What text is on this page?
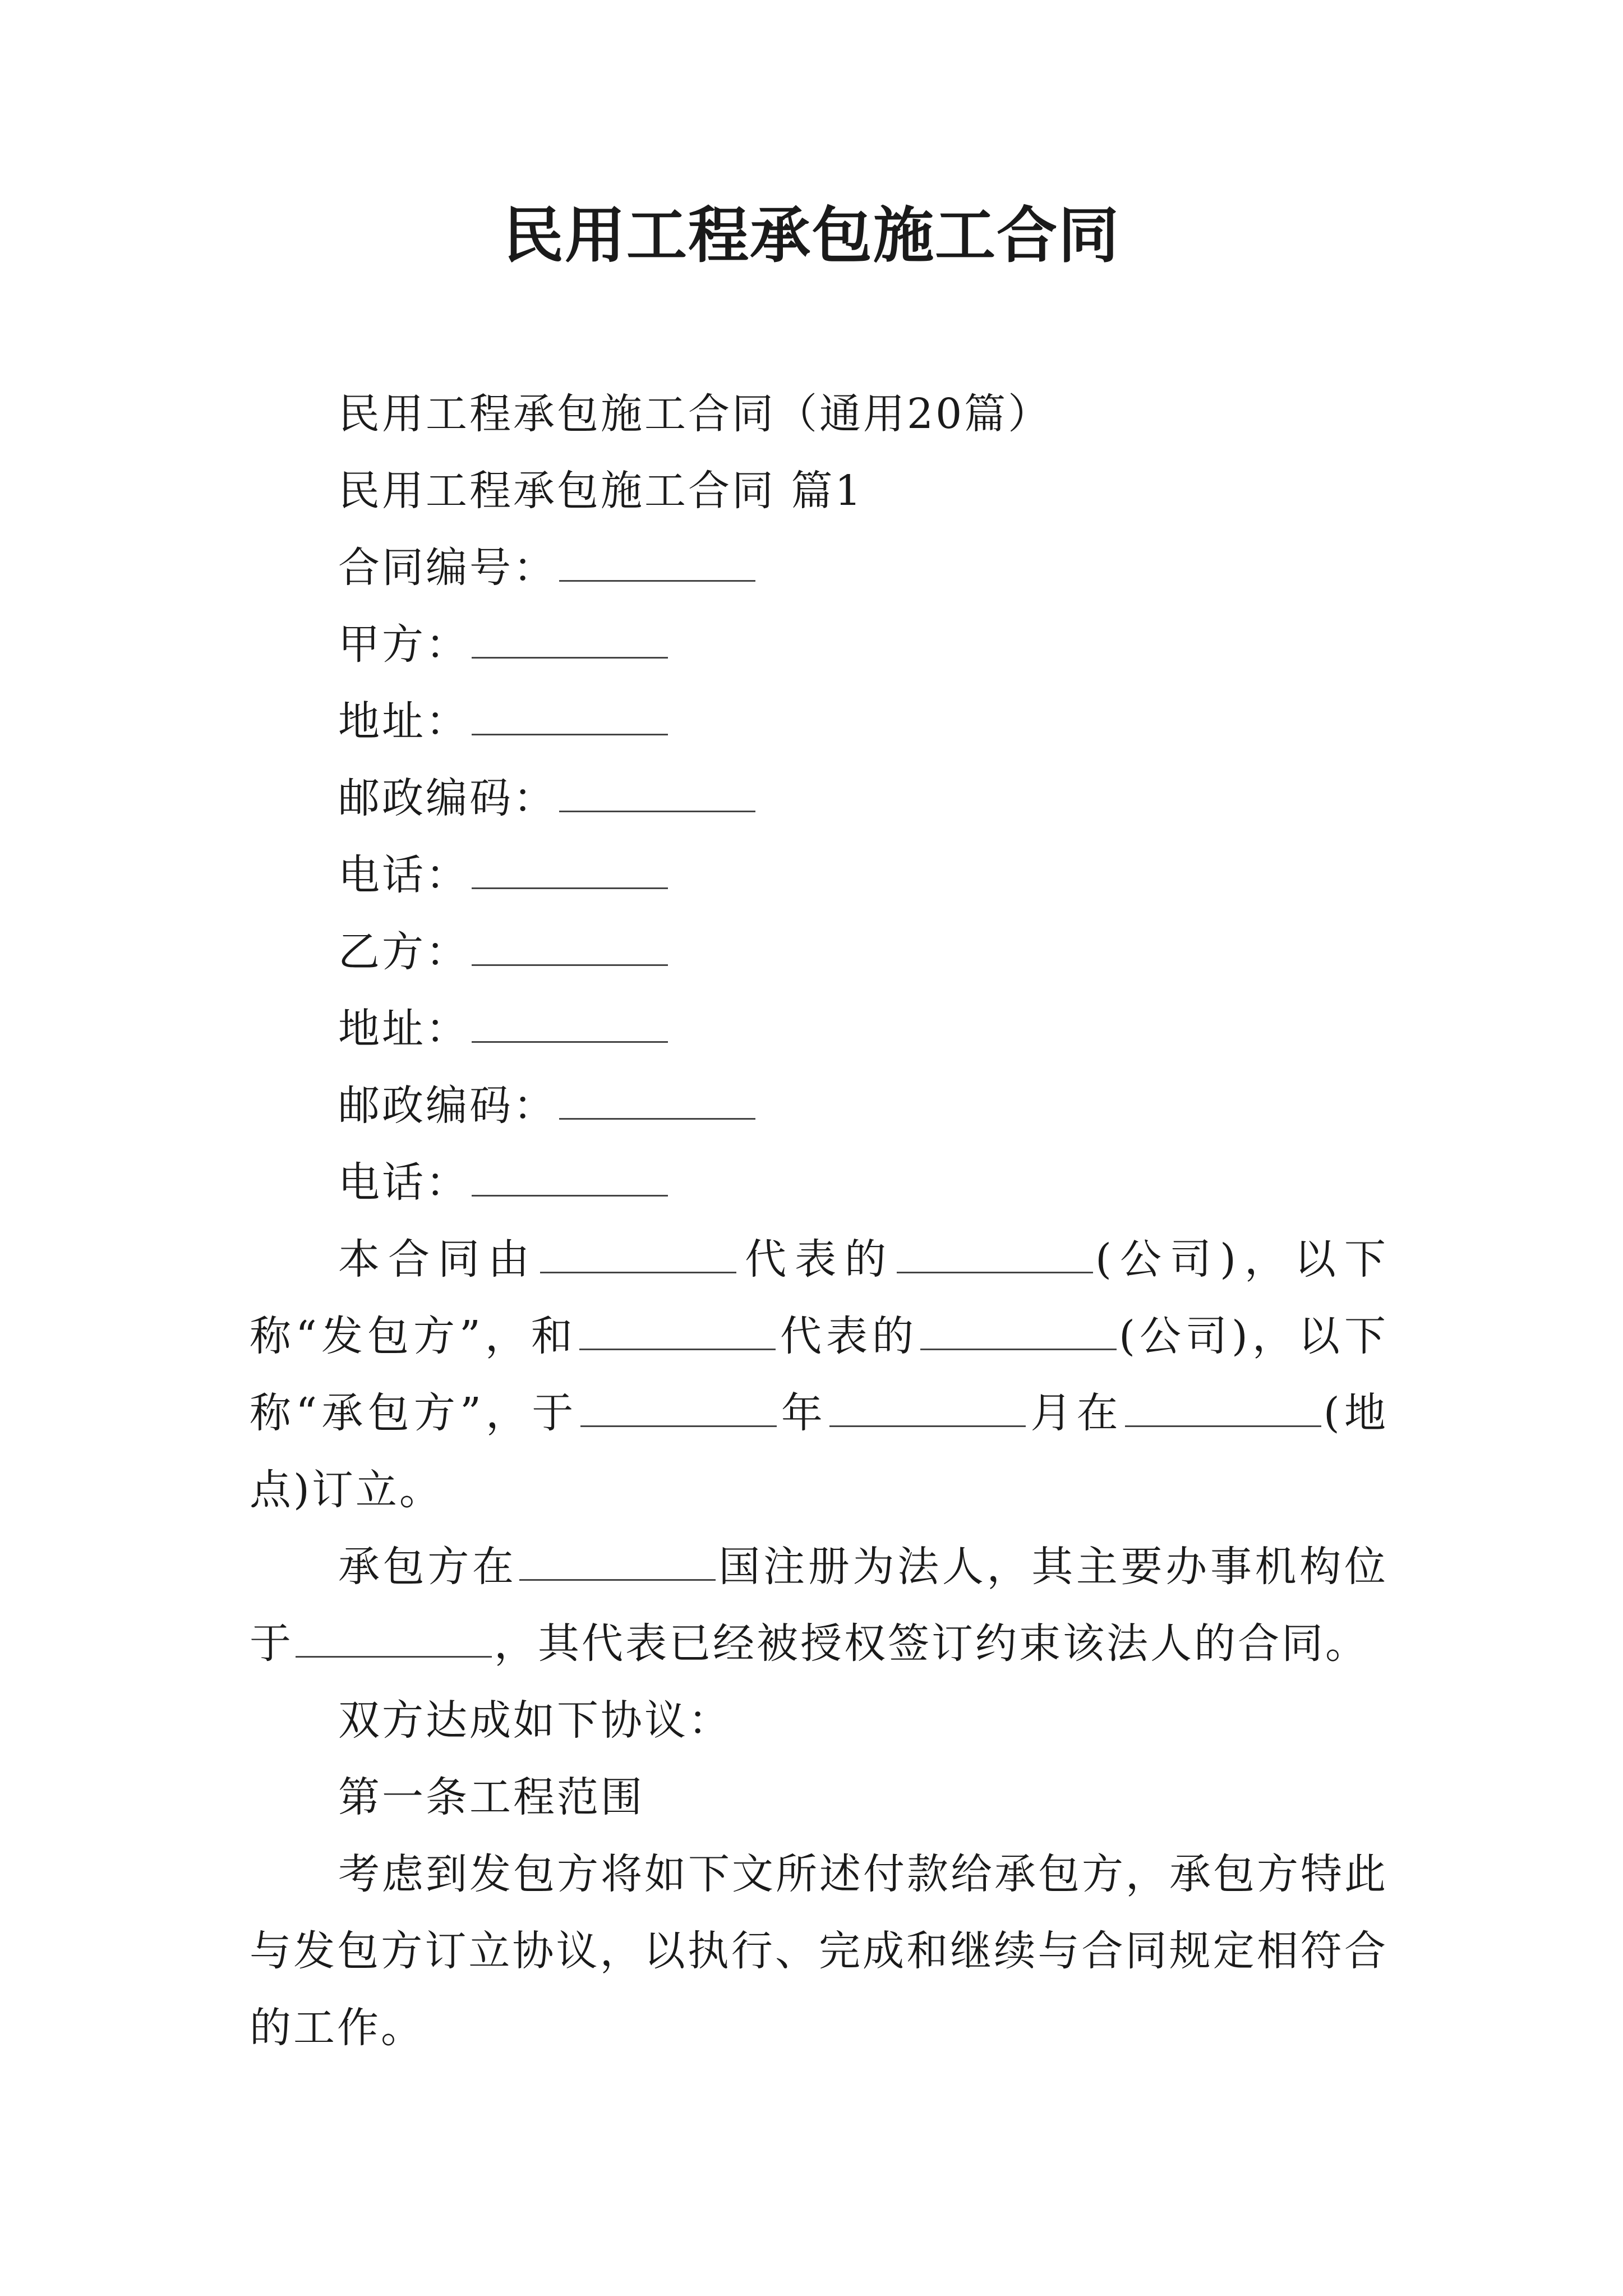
民用工程承包施工合同

民用工程承包施工合同（通用20篇）

民用工程承包施工合同 篇1

合同编号：

甲方：

地址：

邮政编码：

电话：

乙方：

地址：

邮政编码：

电话：

本合同由	代表的	(公司)，以下称“发包方”，和	代表的	(公司)，以下称“承包方”，于	年	月在	(地点)订立。

承包方在	国注册为法人，其主要办事机构位于	，其代表已经被授权签订约束该法人的合同。

双方达成如下协议：

第一条工程范围

考虑到发包方将如下文所述付款给承包方，承包方特此与发包方订立协议，以执行、完成和继续与合同规定相符合的工作。
